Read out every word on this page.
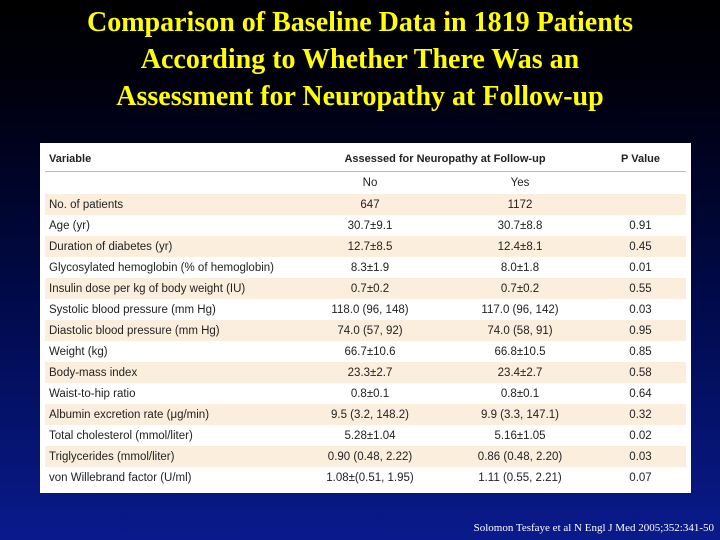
Comparison of Baseline Data in 1819 Patients
According to Whether There Was an
Assessment for Neuropathy at Follow-up
Variable	Assessed for Neuropathy at Follow-up		P Value
	No	Yes	
No. of patients	647	1172	
Age (yr)	30.7±9.1	30.7±8.8	0.91
Duration of diabetes (yr)	12.7±8.5	12.4±8.1	0.45
Glycosylated hemoglobin (% of hemoglobin)	8.3±1.9	8.0±1.8	0.01
Insulin dose per kg of body weight (IU)	0.7±0.2	0.7±0.2	0.55
Systolic blood pressure (mm Hg)	118.0 (96, 148)	117.0 (96, 142)	0.03
Diastolic blood pressure (mm Hg)	74.0 (57, 92)	74.0 (58, 91)	0.95
Weight (kg)	66.7±10.6	66.8±10.5	0.85
Body-mass index	23.3±2.7	23.4±2.7	0.58
Waist-to-hip ratio	0.8±0.1	0.8±0.1	0.64
Albumin excretion rate (μg/min)	9.5 (3.2, 148.2)	9.9 (3.3, 147.1)	0.32
Total cholesterol (mmol/liter)	5.28±1.04	5.16±1.05	0.02
Triglycerides (mmol/liter)	0.90 (0.48, 2.22)	0.86 (0.48, 2.20)	0.03
von Willebrand factor (U/ml)	1.08±(0.51, 1.95)	1.11 (0.55, 2.21)	0.07
Solomon Tesfaye et al N Engl J Med 2005;352:341-50
